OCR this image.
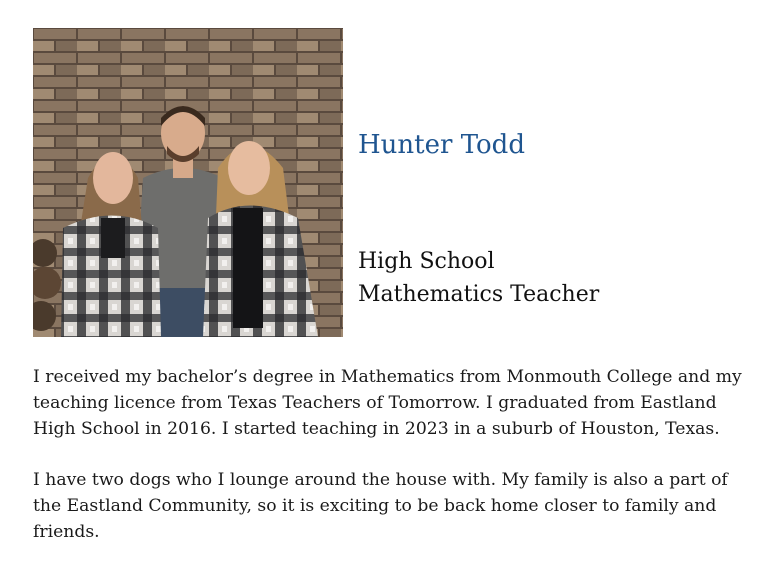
Hunter Todd
High School
Mathematics Teacher

I received my bachelor’s degree in Mathematics from Monmouth College and my teaching licence from Texas Teachers of Tomorrow. I graduated from Eastland High School in 2016. I started teaching in 2023 in a suburb of Houston, Texas.

I have two dogs who I lounge around the house with. My family is also a part of the Eastland Community, so it is exciting to be back home closer to family and friends.
